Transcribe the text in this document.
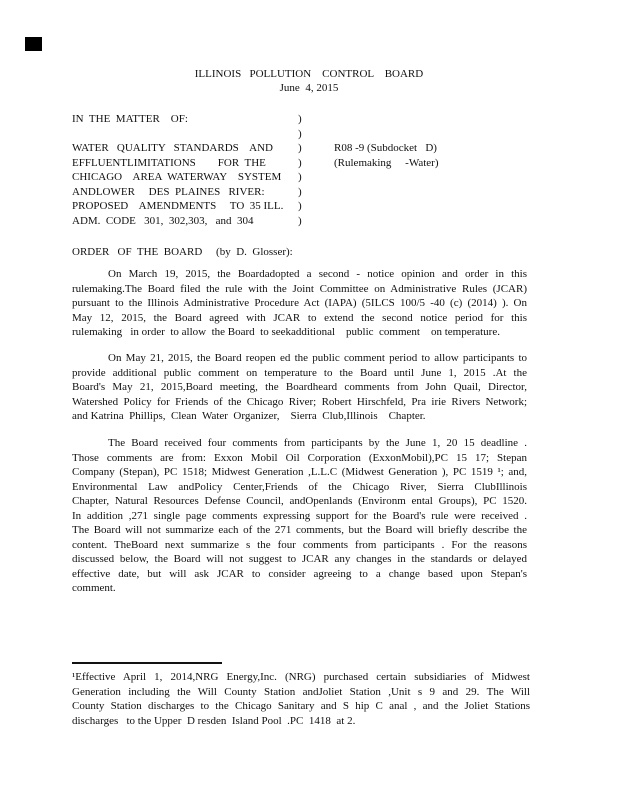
ILLINOIS   POLLUTION    CONTROL    BOARD
June  4, 2015
IN  THE  MATTER    OF:
WATER   QUALITY   STANDARDS    AND
EFFLUENTLIMITATIONS        FOR  THE
CHICAGO    AREA  WATERWAY    SYSTEM
ANDLOWER     DES  PLAINES   RIVER:
PROPOSED    AMENDMENTS     TO  35 ILL.
ADM.  CODE   301,  302,303,   and  304
)
)
)
)
)
)
)
)
R08 -9 (Subdocket   D)
(Rulemaking     -Water)
ORDER   OF  THE  BOARD     (by  D.  Glosser):
On March 19, 2015, the Boardadopted a second - notice opinion and order in this
rulemaking.The Board filed the rule with the Joint Committee on Administrative Rules (JCAR)
pursuant to the Illinois Administrative Procedure Act (IAPA) (5ILCS 100/5 -40 (c) (2014) ). On
May 12, 2015, the Board agreed with JCAR to extend the second notice period for this
rulemaking   in order  to allow  the Board  to seekadditional    public  comment    on temperature.
On May 21, 2015, the Board reopen ed the public comment period to allow participants to
provide additional public comment on temperature to the Board until June 1, 2015 .At the
Board's May 21, 2015,Board meeting, the Boardheard comments from John Quail, Director,
Watershed Policy for Friends of the Chicago River; Robert Hirschfeld, Pra irie Rivers Network;
and Katrina  Phillips,  Clean  Water  Organizer,    Sierra  Club,Illinois    Chapter.
The Board received four comments from participants by the June 1, 20 15 deadline .
Those comments are from: Exxon Mobil Oil Corporation (ExxonMobil),PC 15 17; Stepan
Company (Stepan), PC 1518; Midwest Generation ,L.L.C (Midwest Generation ), PC 1519 ¹; and,
Environmental Law andPolicy Center,Friends of the Chicago River, Sierra ClubIllinois
Chapter, Natural Resources Defense Council, andOpenlands (Environm ental Groups), PC 1520.
In addition ,271 single page comments expressing support for the Board's rule were received .
The Board will not summarize each of the 271 comments, but the Board will briefly describe the
content. TheBoard next summarize s the four comments from participants . For the reasons
discussed below, the Board will not suggest to JCAR any changes in the standards or delayed
effective date, but will ask JCAR to consider agreeing to a change based upon Stepan's
comment.
¹Effective April 1, 2014,NRG Energy,Inc. (NRG) purchased certain subsidiaries of Midwest
Generation including the Will County Station andJoliet Station ,Unit s 9 and 29. The Will
County Station discharges to the Chicago Sanitary and S hip C anal , and the Joliet Stations
discharges   to the Upper  D resden  Island Pool  .PC  1418  at 2.
